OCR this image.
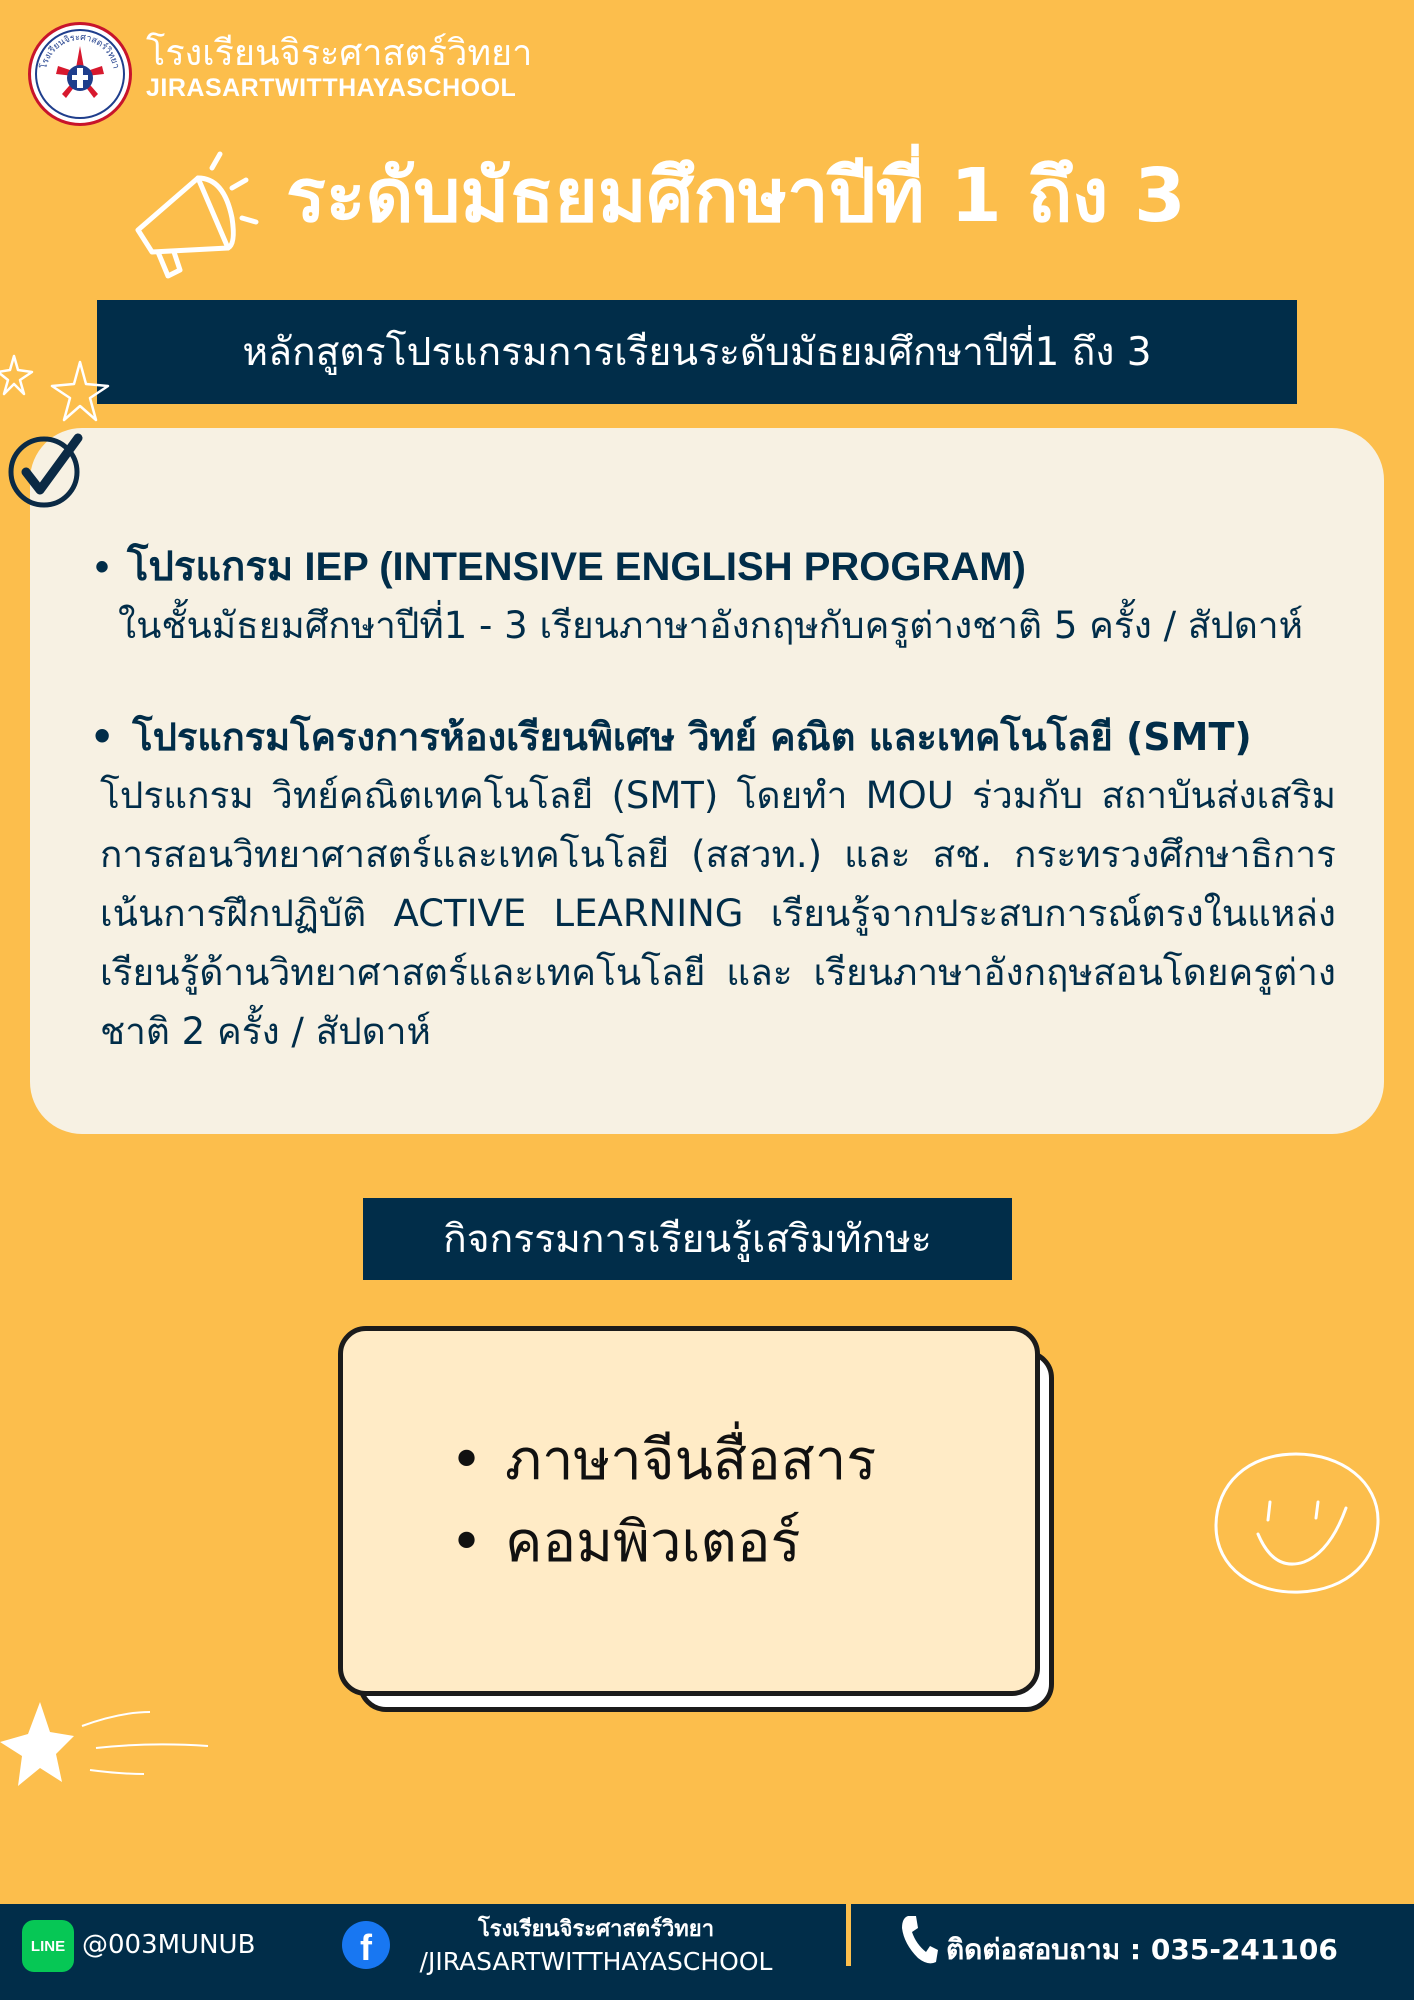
โรงเรียนจิระศาสตร์วิทยา โรงเรียนจิระศาสตร์วิทยา
JIRASARTWITTHAYASCHOOL
ระดับมัธยมศึกษาปีที่ 1 ถึง 3
หลักสูตรโปรแกรมการเรียนระดับมัธยมศึกษาปีที่1 ถึง 3
• โปรแกรม IEP (INTENSIVE ENGLISH PROGRAM)
ในชั้นมัธยมศึกษาปีที่1 - 3 เรียนภาษาอังกฤษกับครูต่างชาติ 5 ครั้ง / สัปดาห์
• โปรแกรมโครงการห้องเรียนพิเศษ วิทย์ คณิต และเทคโนโลยี (SMT)
โปรแกรม วิทย์คณิตเทคโนโลยี (SMT) โดยทำ MOU ร่วมกับ สถาบันส่งเสริมการสอนวิทยาศาสตร์และเทคโนโลยี (สสวท.) และ สช. กระทรวงศึกษาธิการ เน้นการฝึกปฏิบัติ ACTIVE LEARNING เรียนรู้จากประสบการณ์ตรงในแหล่งเรียนรู้ด้านวิทยาศาสตร์และเทคโนโลยี และ เรียนภาษาอังกฤษสอนโดยครูต่างชาติ 2 ครั้ง / สัปดาห์
กิจกรรมการเรียนรู้เสริมทักษะ
• ภาษาจีนสื่อสาร
• คอมพิวเตอร์
LINE @003MUNUB	f	โรงเรียนจิระศาสตร์วิทยา
/JIRASARTWITTHAYASCHOOL	ติดต่อสอบถาม : 035-241106
